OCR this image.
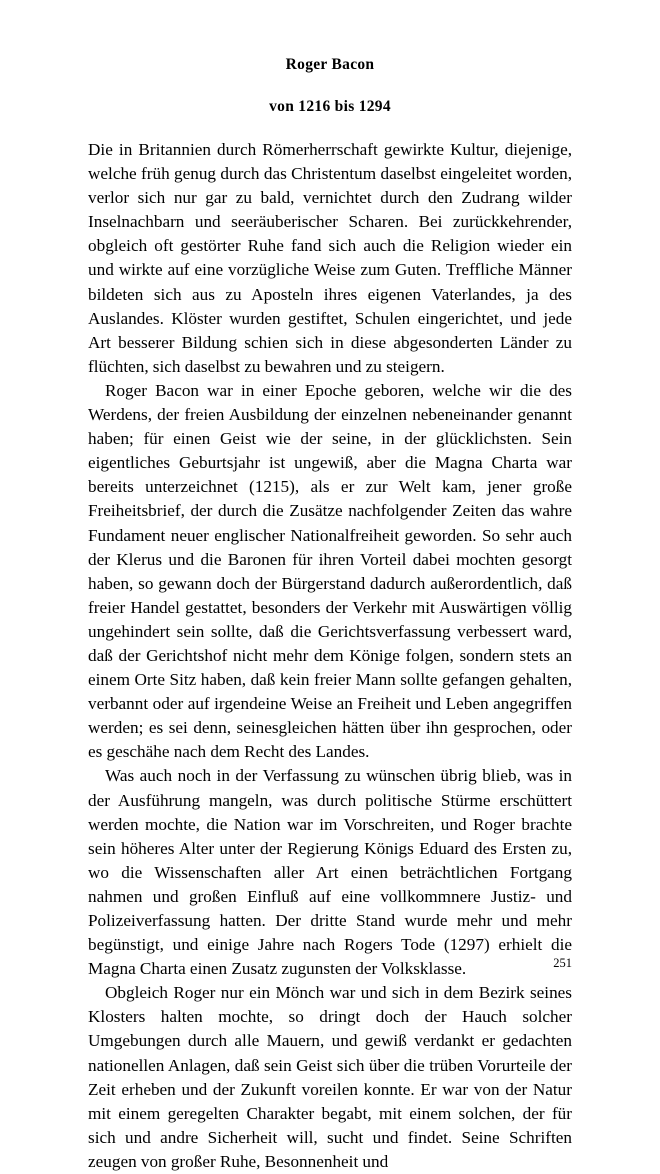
Roger Bacon
von 1216 bis 1294

Die in Britannien durch Römerherrschaft gewirkte Kultur, diejenige, welche früh genug durch das Christentum daselbst eingeleitet worden, verlor sich nur gar zu bald, vernichtet durch den Zudrang wilder Inselnachbarn und seeräuberischer Scharen. Bei zurückkehrender, obgleich oft gestörter Ruhe fand sich auch die Religion wieder ein und wirkte auf eine vorzügliche Weise zum Guten. Treffliche Männer bildeten sich aus zu Aposteln ihres eigenen Vaterlandes, ja des Auslandes. Klöster wurden gestiftet, Schulen eingerichtet, und jede Art besserer Bildung schien sich in diese abgesonderten Länder zu flüchten, sich daselbst zu bewahren und zu steigern.

Roger Bacon war in einer Epoche geboren, welche wir die des Werdens, der freien Ausbildung der einzelnen nebeneinander genannt haben; für einen Geist wie der seine, in der glücklichsten. Sein eigentliches Geburtsjahr ist ungewiß, aber die Magna Charta war bereits unterzeichnet (1215), als er zur Welt kam, jener große Freiheitsbrief, der durch die Zusätze nachfolgender Zeiten das wahre Fundament neuer englischer Nationalfreiheit geworden. So sehr auch der Klerus und die Baronen für ihren Vorteil dabei mochten gesorgt haben, so gewann doch der Bürgerstand dadurch außerordentlich, daß freier Handel gestattet, besonders der Verkehr mit Auswärtigen völlig ungehindert sein sollte, daß die Gerichtsverfassung verbessert ward, daß der Gerichtshof nicht mehr dem Könige folgen, sondern stets an einem Orte Sitz haben, daß kein freier Mann sollte gefangen gehalten, verbannt oder auf irgendeine Weise an Freiheit und Leben angegriffen werden; es sei denn, seinesgleichen hätten über ihn gesprochen, oder es geschähe nach dem Recht des Landes.

Was auch noch in der Verfassung zu wünschen übrig blieb, was in der Ausführung mangeln, was durch politische Stürme erschüttert werden mochte, die Nation war im Vorschreiten, und Roger brachte sein höheres Alter unter der Regierung Königs Eduard des Ersten zu, wo die Wissenschaften aller Art einen beträchtlichen Fortgang nahmen und großen Einfluß auf eine vollkommnere Justiz- und Polizeiverfassung hatten. Der dritte Stand wurde mehr und mehr begünstigt, und einige Jahre nach Rogers Tode (1297) erhielt die Magna Charta einen Zusatz zugunsten der Volksklasse.

Obgleich Roger nur ein Mönch war und sich in dem Bezirk seines Klosters halten mochte, so dringt doch der Hauch solcher Umgebungen durch alle Mauern, und gewiß verdankt er gedachten nationellen Anlagen, daß sein Geist sich über die trüben Vorurteile der Zeit erheben und der Zukunft voreilen konnte. Er war von der Natur mit einem geregelten Charakter begabt, mit einem solchen, der für sich und andre Sicherheit will, sucht und findet. Seine Schriften zeugen von großer Ruhe, Besonnenheit und

251
